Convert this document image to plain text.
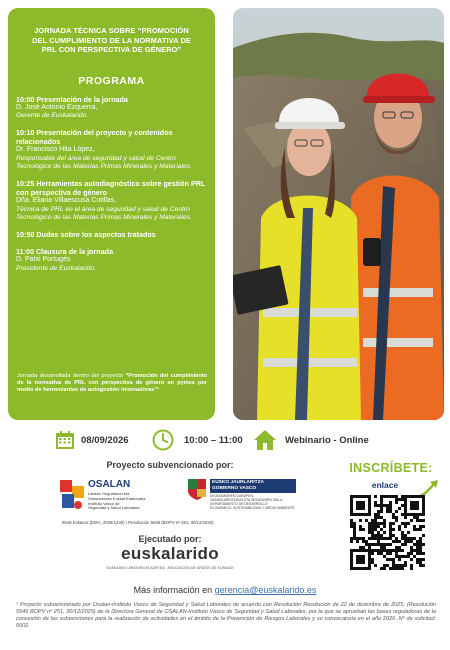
JORNADA TÉCNICA SOBRE “PROMOCIÓN
DEL CUMPLIMIENTO DE LA NORMATIVA DE
PRL CON PERSPECTIVA DE GÉNERO”
PROGRAMA
10:00 Presentación de la jornada
D. José Antonio Ezquerra,
Gerente de Euskalarido.
10:10 Presentación del proyecto y contenidos relacionados
Dr. Francisco Hita López,
Responsable del área de seguridad y salud de Centro Tecnológico de las Materias Primas Minerales y Materiales.
10:25 Herramientas autodiagnóstico sobre gestión PRL con perspectiva de género
Dña. Eliana Villaescusa Cutillas,
Técnica de PRL en el área de seguridad y salud de Centro Tecnológico de las Materias Primas Minerales y Materiales.
10:50 Dudas sobre los aspectos tratados
11:00 Clausura de la jornada
D. Patxi Portugés
Presidente de Euskalarido.
Jornada desarrollada dentro del proyecto “Promoción del cumplimiento de la normativa de PRL con perspectiva de género en pymes por medio de herramientas de autogestión innovadoras”¹
08/09/2026	10:00 – 11:00	Webinario - Online
Proyecto subvencionado por:
OSALAN
Laneko Segurtasun eta
Osasunerako Euskal Erakundea
Instituto Vasco de
Seguridad y Salud Laborales
EUSKO JAURLARITZA
GOBIERNO VASCO
EKONOMIAREN GARAPEN,
JASANGARRITASUN ETA INGURUMEN SAILA
DEPARTAMENTO DE DESARROLLO
ECONÓMICO, SOSTENIBILIDAD Y MEDIO AMBIENTE
5549 Eskaera (EMA, 2026/1230) / Resolución 5549 (BOPV nº 251, 30/12/2025)
Ejecutado por:
euskalarido
EUSKADIKO ÁRIDOEN ELKARTEA · ASOCIACIÓN DE ÁRIDOS DE EUSKADI
INSCRÍBETE:
enlace
Más información en gerencia@euskalarido.es
¹ Proyecto subvencionado por Osalan-Instituto Vasco de Seguridad y Salud Laborales de acuerdo con Resolución Resolución de 22 de diciembre de 2025, (Resolución 5549 BOPV nº 251, 30/12/2025) de la Directora General de OSALAN-Instituto Vasco de Seguridad y Salud Laborales, por la que se aprueban las bases reguladoras de la concesión de las subvenciones para la realización de actividades en el ámbito de la Prevención de Riesgos Laborales y su convocatoria en el año 2026. Nº de solicitud: 0002.
